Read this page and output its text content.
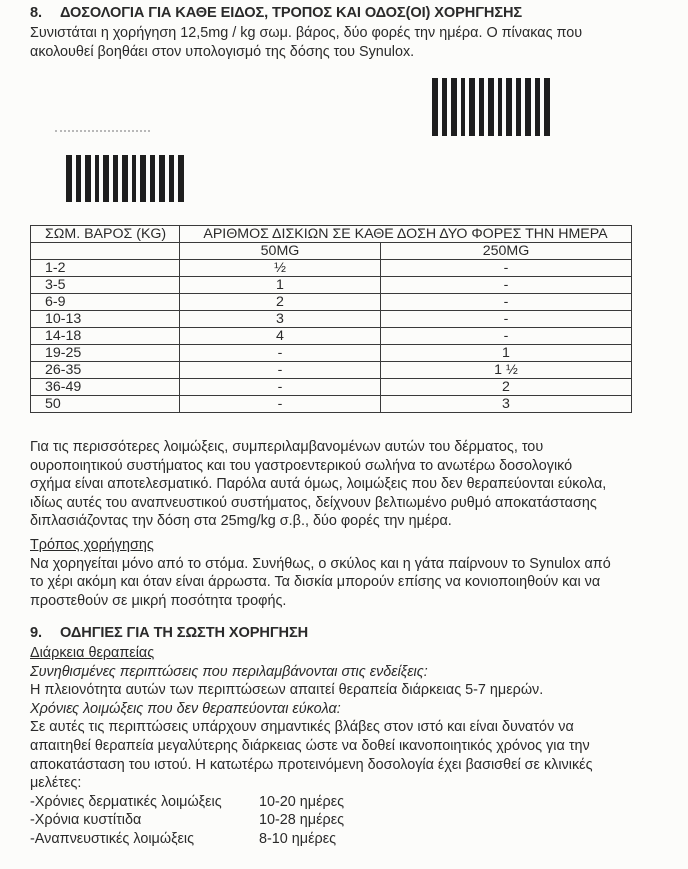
8. ΔΟΣΟΛΟΓΙΑ ΓΙΑ ΚΑΘΕ ΕΙΔΟΣ, ΤΡΟΠΟΣ ΚΑΙ ΟΔΟΣ(ΟΙ) ΧΟΡΗΓΗΣΗΣ
Συνιστάται η χορήγηση 12,5mg / kg σωμ. βάρος, δύο φορές την ημέρα. Ο πίνακας που
ακολουθεί βοηθάει στον υπολογισμό της δόσης του Synulox.
ΣΩΜ. ΒΑΡΟΣ (KG)	ΑΡΙΘΜΟΣ ΔΙΣΚΙΩΝ ΣΕ ΚΑΘΕ ΔΟΣΗ ΔΥΟ ΦΟΡΕΣ ΤΗΝ ΗΜΕΡΑ	
	50MG	250MG
1-2	½	-
3-5	1	-
6-9	2	-
10-13	3	-
14-18	4	-
19-25	-	1
26-35	-	1 ½
36-49	-	2
50	-	3
Για τις περισσότερες λοιμώξεις, συμπεριλαμβανομένων αυτών του δέρματος, του
ουροποιητικού συστήματος και του γαστροεντερικού σωλήνα το ανωτέρω δοσολογικό
σχήμα είναι αποτελεσματικό. Παρόλα αυτά όμως, λοιμώξεις που δεν θεραπεύονται εύκολα,
ιδίως αυτές του αναπνευστικού συστήματος, δείχνουν βελτιωμένο ρυθμό αποκατάστασης
διπλασιάζοντας την δόση στα 25mg/kg σ.β., δύο φορές την ημέρα.
Τρόπος χορήγησης
Να χορηγείται μόνο από το στόμα. Συνήθως, ο σκύλος και η γάτα παίρνουν το Synulox από
το χέρι ακόμη και όταν είναι άρρωστα. Τα δισκία μπορούν επίσης να κονιοποιηθούν και να
προστεθούν σε μικρή ποσότητα τροφής.
9. ΟΔΗΓΙΕΣ ΓΙΑ ΤΗ ΣΩΣΤΗ ΧΟΡΗΓΗΣΗ
Διάρκεια θεραπείας
Συνηθισμένες περιπτώσεις που περιλαμβάνονται στις ενδείξεις:
Η πλειονότητα αυτών των περιπτώσεων απαιτεί θεραπεία διάρκειας 5-7 ημερών.
Χρόνιες λοιμώξεις που δεν θεραπεύονται εύκολα:
Σε αυτές τις περιπτώσεις υπάρχουν σημαντικές βλάβες στον ιστό και είναι δυνατόν να
απαιτηθεί θεραπεία μεγαλύτερης διάρκειας ώστε να δοθεί ικανοποιητικός χρόνος για την
αποκατάσταση του ιστού. Η κατωτέρω προτεινόμενη δοσολογία έχει βασισθεί σε κλινικές
μελέτες:
-Χρόνιες δερματικές λοιμώξεις	10-20 ημέρες
-Χρόνια κυστίτιδα	10-28 ημέρες
-Αναπνευστικές λοιμώξεις	8-10 ημέρες
